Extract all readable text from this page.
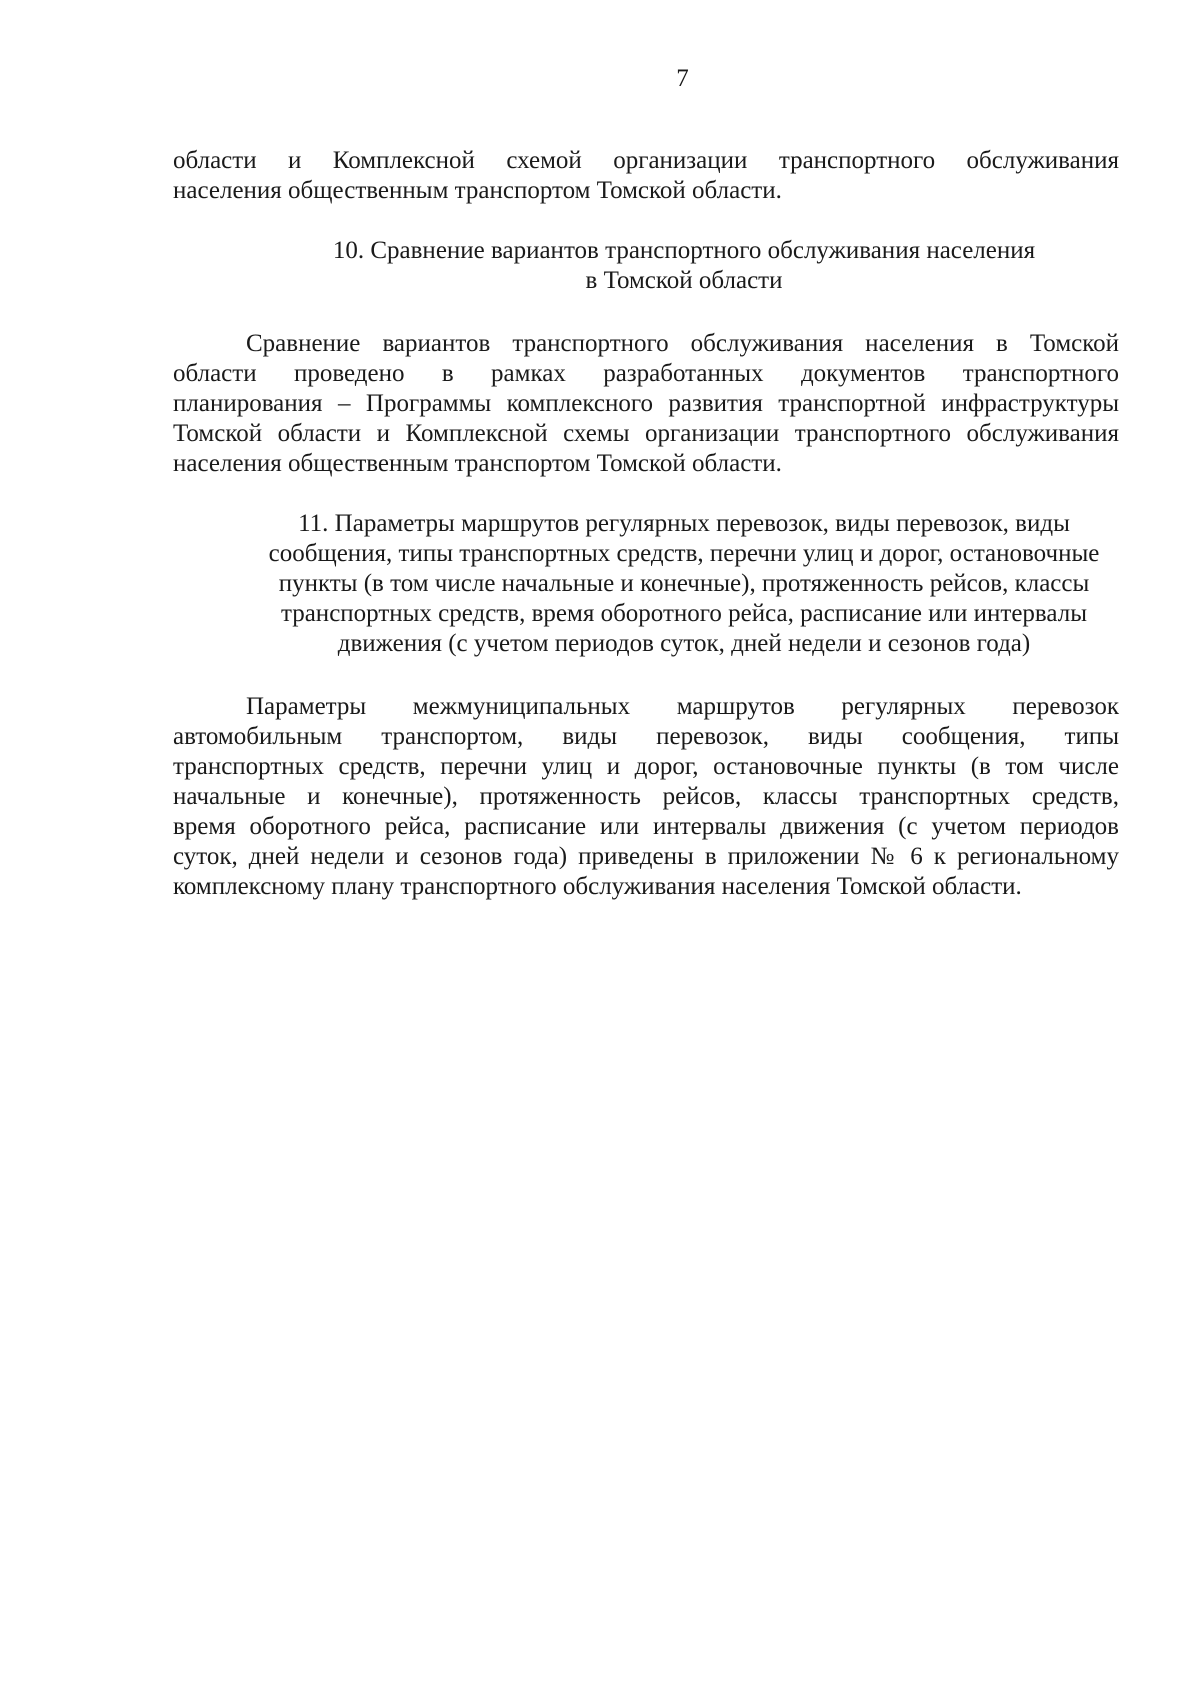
7
области и Комплексной схемой организации транспортного обслуживания
населения общественным транспортом Томской области.
10. Сравнение вариантов транспортного обслуживания населения
в Томской области
Сравнение вариантов транспортного обслуживания населения в Томской
области проведено в рамках разработанных документов транспортного
планирования – Программы комплексного развития транспортной инфраструктуры
Томской области и Комплексной схемы организации транспортного обслуживания
населения общественным транспортом Томской области.
11. Параметры маршрутов регулярных перевозок, виды перевозок, виды
сообщения, типы транспортных средств, перечни улиц и дорог, остановочные
пункты (в том числе начальные и конечные), протяженность рейсов, классы
транспортных средств, время оборотного рейса, расписание или интервалы
движения (с учетом периодов суток, дней недели и сезонов года)
Параметры межмуниципальных маршрутов регулярных перевозок
автомобильным транспортом, виды перевозок, виды сообщения, типы
транспортных средств, перечни улиц и дорог, остановочные пункты (в том числе
начальные и конечные), протяженность рейсов, классы транспортных средств,
время оборотного рейса, расписание или интервалы движения (с учетом периодов
суток, дней недели и сезонов года) приведены в приложении № 6 к региональному
комплексному плану транспортного обслуживания населения Томской области.
